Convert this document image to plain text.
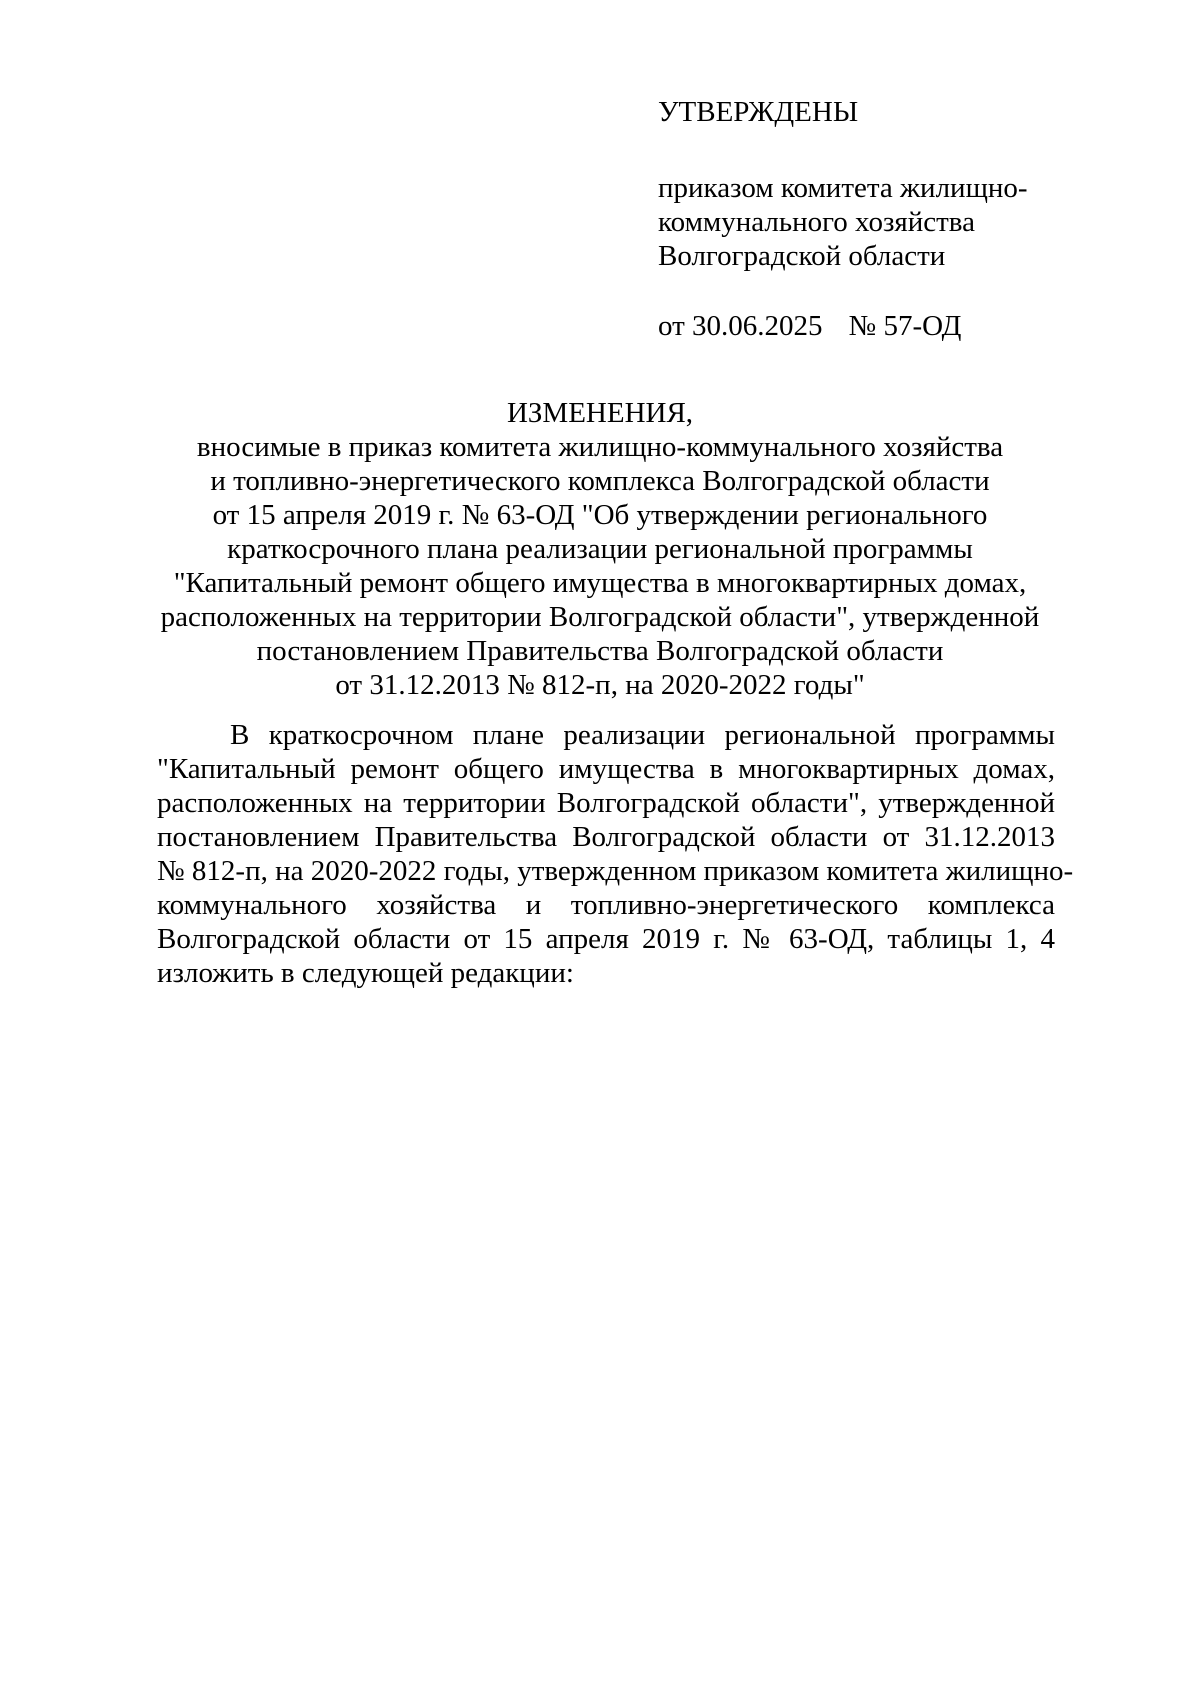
УТВЕРЖДЕНЫ
приказом комитета жилищно-
коммунального хозяйства
Волгоградской области
от 30.06.2025 № 57-ОД
ИЗМЕНЕНИЯ,
вносимые в приказ комитета жилищно-коммунального хозяйства
и топливно-энергетического комплекса Волгоградской области
от 15 апреля 2019 г. № 63-ОД "Об утверждении регионального
краткосрочного плана реализации региональной программы
"Капитальный ремонт общего имущества в многоквартирных домах,
расположенных на территории Волгоградской области", утвержденной
постановлением Правительства Волгоградской области
от 31.12.2013 № 812-п, на 2020-2022 годы"
В краткосрочном плане реализации региональной программы
"Капитальный ремонт общего имущества в многоквартирных домах,
расположенных на территории Волгоградской области", утвержденной
постановлением Правительства Волгоградской области от 31.12.2013
№ 812-п, на 2020-2022 годы, утвержденном приказом комитета жилищно-
коммунального хозяйства и топливно-энергетического комплекса
Волгоградской области от 15 апреля 2019 г. № 63-ОД, таблицы 1, 4
изложить в следующей редакции:
